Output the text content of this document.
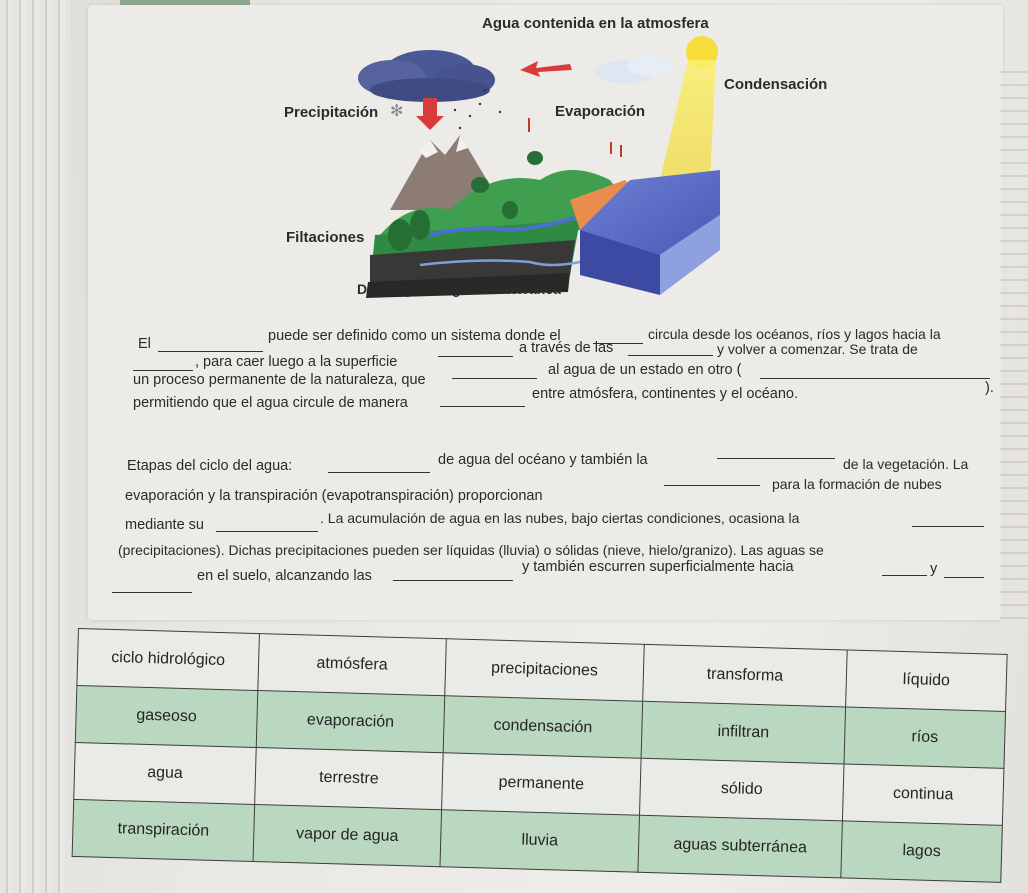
✻
Agua contenida en la atmosfera
Condensación
Precipitación	Evaporación
Filtaciones
Descarga de agua subterránea
El	puede ser definido como un sistema donde el	circula desde los océanos, ríos y lagos hacia la
, para caer luego a la superficie
a través de las	y volver a comenzar. Se trata de
un proceso permanente de la naturaleza, que
al agua de un estado en otro (
).
permitiendo que el agua circule de manera
entre atmósfera, continentes y el océano.
Etapas del ciclo del agua:	de agua del océano y también la	de la vegetación. La
evaporación y la transpiración (evapotranspiración) proporcionan
para la formación de nubes
mediante su	. La acumulación de agua en las nubes, bajo ciertas condiciones, ocasiona la
(precipitaciones). Dichas precipitaciones pueden ser líquidas (lluvia) o sólidas (nieve, hielo/granizo). Las aguas se
en el suelo, alcanzando las
y también escurren superficialmente hacia	y
ciclo hidrológico	atmósfera	precipitaciones	transforma	líquido
gaseoso	evaporación	condensación	infiltran	ríos
agua	terrestre	permanente	sólido	continua
transpiración	vapor de agua	lluvia	aguas subterránea	lagos
